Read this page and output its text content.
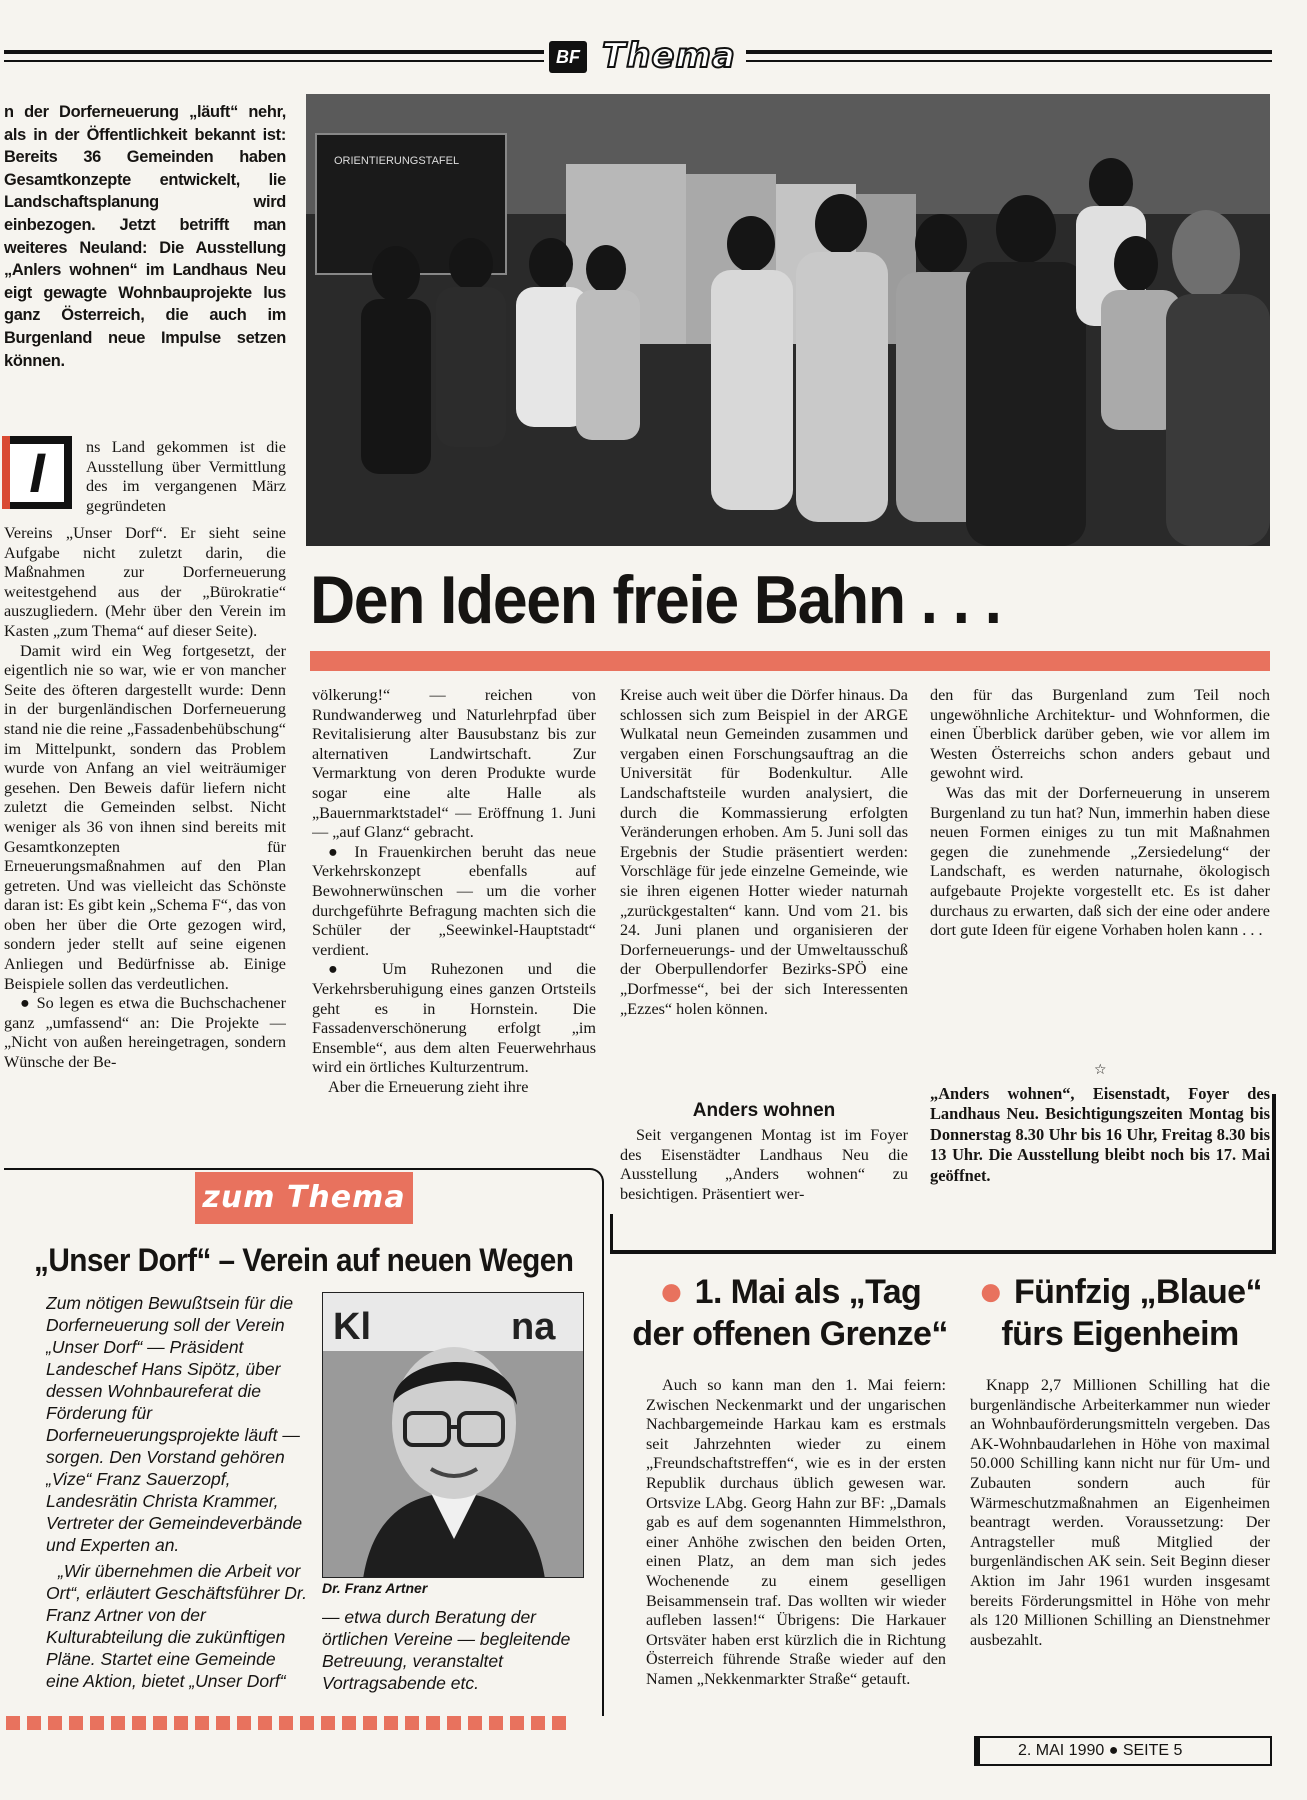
BF Thema
n der Dorferneuerung „läuft“ nehr, als in der Öffentlichkeit bekannt ist: Bereits 36 Gemeinden haben Gesamtkonzepte entwickelt, lie Landschaftsplanung wird einbezogen. Jetzt betrifft man weiteres Neuland: Die Ausstellung „Anlers wohnen“ im Landhaus Neu eigt gewagte Wohnbauprojekte lus ganz Österreich, die auch im Burgenland neue Impulse setzen können.
I	ns Land gekommen ist die Ausstellung über Vermittlung des im vergangenen März gegründeten

Vereins „Unser Dorf“. Er sieht seine Aufgabe nicht zuletzt darin, die Maßnahmen zur Dorferneuerung weitestgehend aus der „Bürokratie“ auszugliedern. (Mehr über den Verein im Kasten „zum Thema“ auf dieser Seite).

Damit wird ein Weg fortgesetzt, der eigentlich nie so war, wie er von mancher Seite des öfteren dargestellt wurde: Denn in der burgenländischen Dorferneuerung stand nie die reine „Fassadenbehübschung“ im Mittelpunkt, sondern das Problem wurde von Anfang an viel weiträumiger gesehen. Den Beweis dafür liefern nicht zuletzt die Gemeinden selbst. Nicht weniger als 36 von ihnen sind bereits mit Gesamtkonzepten für Erneuerungsmaßnahmen auf den Plan getreten. Und was vielleicht das Schönste daran ist: Es gibt kein „Schema F“, das von oben her über die Orte gezogen wird, sondern jeder stellt auf seine eigenen Anliegen und Bedürfnisse ab. Einige Beispiele sollen das verdeutlichen.

● So legen es etwa die Buchschachener ganz „umfassend“ an: Die Projekte — „Nicht von außen hereingetragen, sondern Wünsche der Be-

ORIENTIERUNGSTAFEL
Den Ideen freie Bahn . . .

völkerung!“ — reichen von Rundwanderweg und Naturlehrpfad über Revitalisierung alter Bausubstanz bis zur alternativen Landwirtschaft. Zur Vermarktung von deren Produkte wurde sogar eine alte Halle als „Bauernmarktstadel“ — Eröffnung 1. Juni — „auf Glanz“ gebracht.

● In Frauenkirchen beruht das neue Verkehrskonzept ebenfalls auf Bewohnerwünschen — um die vorher durchgeführte Befragung machten sich die Schüler der „Seewinkel-Hauptstadt“ verdient.

● Um Ruhezonen und die Verkehrsberuhigung eines ganzen Ortsteils geht es in Hornstein. Die Fassadenverschönerung erfolgt „im Ensemble“, aus dem alten Feuerwehrhaus wird ein örtliches Kulturzentrum.

Aber die Erneuerung zieht ihre

Kreise auch weit über die Dörfer hinaus. Da schlossen sich zum Beispiel in der ARGE Wulkatal neun Gemeinden zusammen und vergaben einen Forschungsauftrag an die Universität für Bodenkultur. Alle Landschaftsteile wurden analysiert, die durch die Kommassierung erfolgten Veränderungen erhoben. Am 5. Juni soll das Ergebnis der Studie präsentiert werden: Vorschläge für jede einzelne Gemeinde, wie sie ihren eigenen Hotter wieder naturnah „zurückgestalten“ kann. Und vom 21. bis 24. Juni planen und organisieren der Dorferneuerungs- und der Umweltausschuß der Oberpullendorfer Bezirks-SPÖ eine „Dorfmesse“, bei der sich Interessenten „Ezzes“ holen können.

Anders wohnen

Seit vergangenen Montag ist im Foyer des Eisenstädter Landhaus Neu die Ausstellung „Anders wohnen“ zu besichtigen. Präsentiert wer-

den für das Burgenland zum Teil noch ungewöhnliche Architektur- und Wohnformen, die einen Überblick darüber geben, wie vor allem im Westen Österreichs schon anders gebaut und gewohnt wird.

Was das mit der Dorferneuerung in unserem Burgenland zu tun hat? Nun, immerhin haben diese neuen Formen einiges zu tun mit Maßnahmen gegen die zunehmende „Zersiedelung“ der Landschaft, es werden naturnahe, ökologisch aufgebaute Projekte vorgestellt etc. Es ist daher durchaus zu erwarten, daß sich der eine oder andere dort gute Ideen für eigene Vorhaben holen kann . . .

☆
„Anders wohnen“, Eisenstadt, Foyer des Landhaus Neu. Besichtigungszeiten Montag bis Donnerstag 8.30 Uhr bis 16 Uhr, Freitag 8.30 bis 13 Uhr. Die Ausstellung bleibt noch bis 17. Mai geöffnet.
zum Thema
„Unser Dorf“ – Verein auf neuen Wegen
Zum nötigen Bewußtsein für die Dorferneuerung soll der Verein „Unser Dorf“ — Präsident Landeschef Hans Sipötz, über dessen Wohnbaureferat die Förderung für Dorferneuerungsprojekte läuft — sorgen. Den Vorstand gehören „Vize“ Franz Sauerzopf, Landesrätin Christa Krammer, Vertreter der Gemeindeverbände und Experten an.
„Wir übernehmen die Arbeit vor Ort“, erläutert Geschäftsführer Dr. Franz Artner von der Kulturabteilung die zukünftigen Pläne. Startet eine Gemeinde eine Aktion, bietet „Unser Dorf“
Kl	na
Dr. Franz Artner
— etwa durch Beratung der örtlichen Vereine — begleitende Betreuung, veranstaltet Vortragsabende etc.
● 1. Mai als „Tag
der offenen Grenze“
Auch so kann man den 1. Mai feiern: Zwischen Neckenmarkt und der ungarischen Nachbargemeinde Harkau kam es erstmals seit Jahrzehnten wieder zu einem „Freundschaftstreffen“, wie es in der ersten Republik durchaus üblich gewesen war. Ortsvize LAbg. Georg Hahn zur BF: „Damals gab es auf dem sogenannten Himmelsthron, einer Anhöhe zwischen den beiden Orten, einen Platz, an dem man sich jedes Wochenende zu einem geselligen Beisammensein traf. Das wollten wir wieder aufleben lassen!“ Übrigens: Die Harkauer Ortsväter haben erst kürzlich die in Richtung Österreich führende Straße wieder auf den Namen „Nekkenmarkter Straße“ getauft.
● Fünfzig „Blaue“
fürs Eigenheim
Knapp 2,7 Millionen Schilling hat die burgenländische Arbeiterkammer nun wieder an Wohnbauförderungsmitteln vergeben. Das AK-Wohnbaudarlehen in Höhe von maximal 50.000 Schilling kann nicht nur für Um- und Zubauten sondern auch für Wärmeschutzmaßnahmen an Eigenheimen beantragt werden. Voraussetzung: Der Antragsteller muß Mitglied der burgenländischen AK sein. Seit Beginn dieser Aktion im Jahr 1961 wurden insgesamt bereits Förderungsmittel in Höhe von mehr als 120 Millionen Schilling an Dienstnehmer ausbezahlt.
2. MAI 1990 ● SEITE 5
